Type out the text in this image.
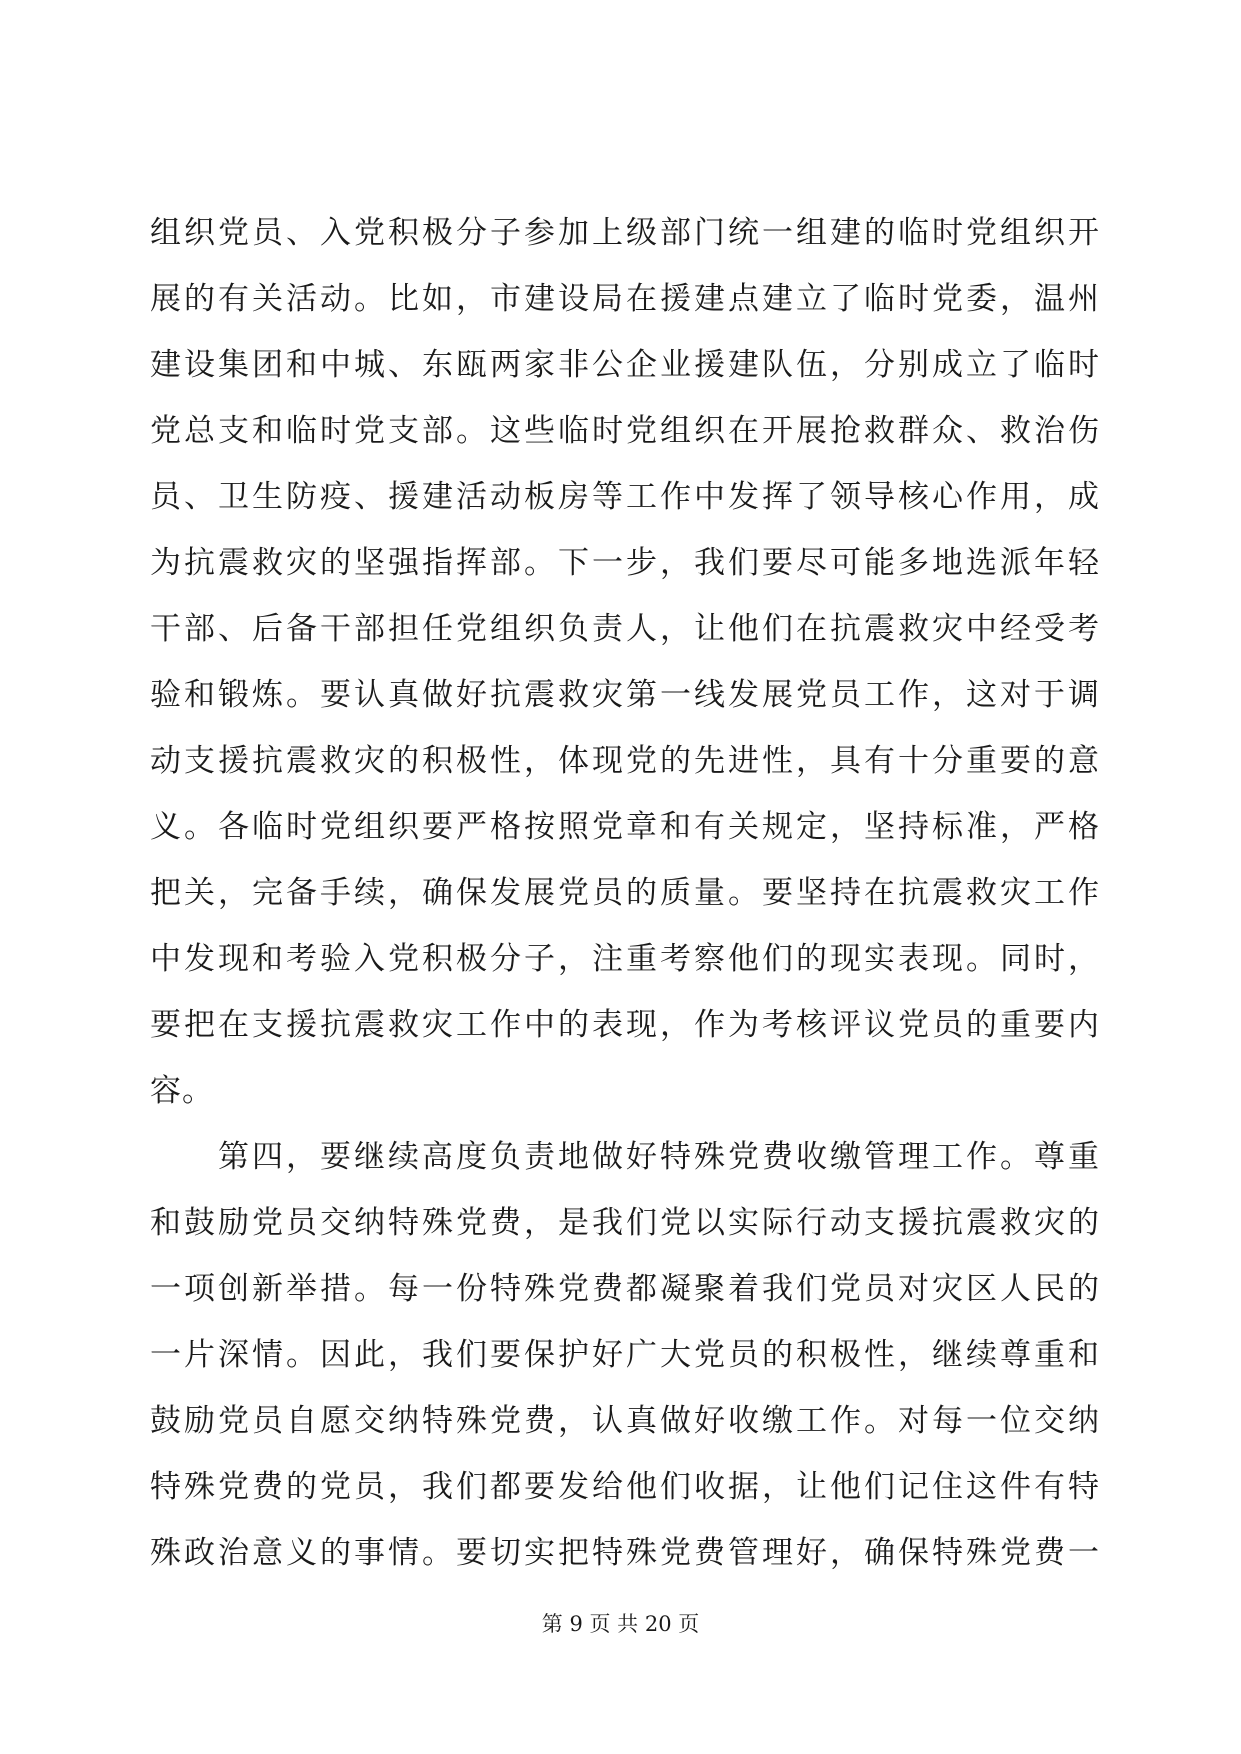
组织党员、入党积极分子参加上级部门统一组建的临时党组织开
展的有关活动。比如，市建设局在援建点建立了临时党委，温州
建设集团和中城、东瓯两家非公企业援建队伍，分别成立了临时
党总支和临时党支部。这些临时党组织在开展抢救群众、救治伤
员、卫生防疫、援建活动板房等工作中发挥了领导核心作用，成
为抗震救灾的坚强指挥部。下一步，我们要尽可能多地选派年轻
干部、后备干部担任党组织负责人，让他们在抗震救灾中经受考
验和锻炼。要认真做好抗震救灾第一线发展党员工作，这对于调
动支援抗震救灾的积极性，体现党的先进性，具有十分重要的意
义。各临时党组织要严格按照党章和有关规定，坚持标准，严格
把关，完备手续，确保发展党员的质量。要坚持在抗震救灾工作
中发现和考验入党积极分子，注重考察他们的现实表现。同时，
要把在支援抗震救灾工作中的表现，作为考核评议党员的重要内
容。
　　第四，要继续高度负责地做好特殊党费收缴管理工作。尊重
和鼓励党员交纳特殊党费，是我们党以实际行动支援抗震救灾的
一项创新举措。每一份特殊党费都凝聚着我们党员对灾区人民的
一片深情。因此，我们要保护好广大党员的积极性，继续尊重和
鼓励党员自愿交纳特殊党费，认真做好收缴工作。对每一位交纳
特殊党费的党员，我们都要发给他们收据，让他们记住这件有特
殊政治意义的事情。要切实把特殊党费管理好，确保特殊党费一
第 9 页 共 20 页
